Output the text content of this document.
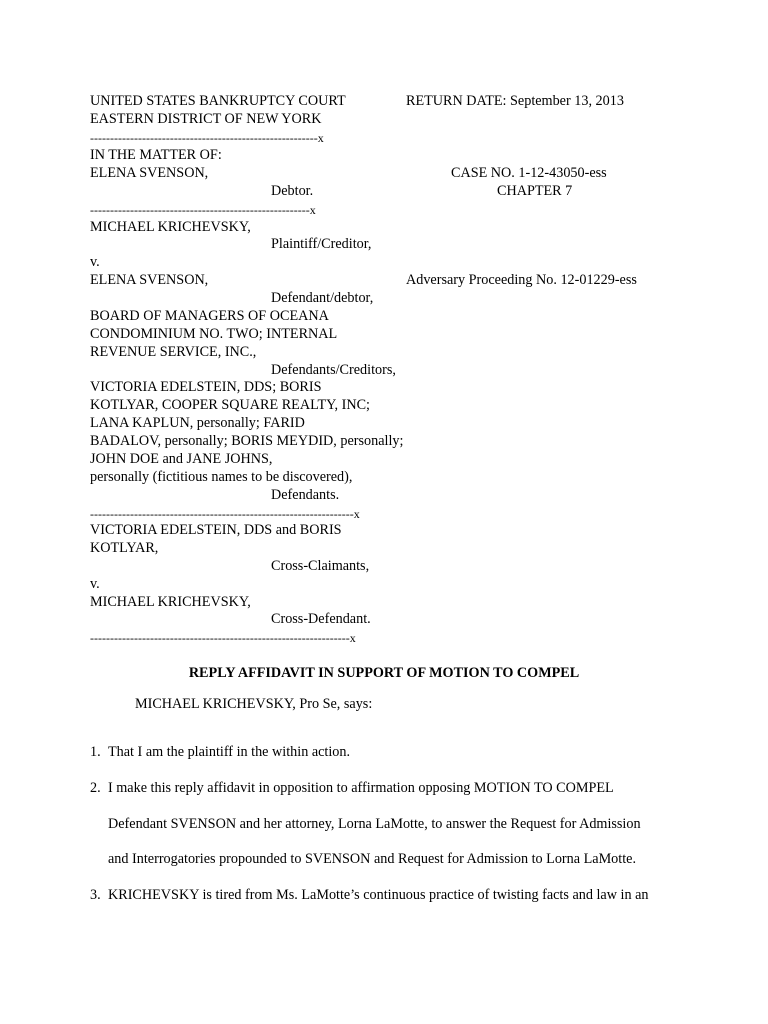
UNITED STATES BANKRUPTCY COURT	RETURN DATE: September 13, 2013
EASTERN DISTRICT OF NEW YORK
---------------------------------------------------------x
IN THE MATTER OF:
ELENA SVENSON,	CASE NO. 1-12-43050-ess
Debtor.	CHAPTER 7
-------------------------------------------------------x
MICHAEL KRICHEVSKY,
Plaintiff/Creditor,
v.
ELENA SVENSON,	Adversary Proceeding No. 12-01229-ess
Defendant/debtor,
BOARD OF MANAGERS OF OCEANA
CONDOMINIUM NO. TWO; INTERNAL
REVENUE SERVICE, INC.,
Defendants/Creditors,
VICTORIA EDELSTEIN, DDS; BORIS
KOTLYAR, COOPER SQUARE REALTY, INC;
LANA KAPLUN, personally; FARID
BADALOV, personally; BORIS MEYDID, personally;
JOHN DOE and JANE JOHNS,
personally (fictitious names to be discovered),
Defendants.
------------------------------------------------------------------x
VICTORIA EDELSTEIN, DDS and BORIS
KOTLYAR,
Cross-Claimants,
v.
MICHAEL KRICHEVSKY,
Cross-Defendant.
-----------------------------------------------------------------x
REPLY AFFIDAVIT IN SUPPORT OF MOTION TO COMPEL
MICHAEL KRICHEVSKY, Pro Se, says:
1. That I am the plaintiff in the within action.
2. I make this reply affidavit in opposition to affirmation opposing MOTION TO COMPEL
Defendant SVENSON and her attorney, Lorna LaMotte, to answer the Request for Admission
and Interrogatories propounded to SVENSON and Request for Admission to Lorna LaMotte.
3. KRICHEVSKY is tired from Ms. LaMotte’s continuous practice of twisting facts and law in an
